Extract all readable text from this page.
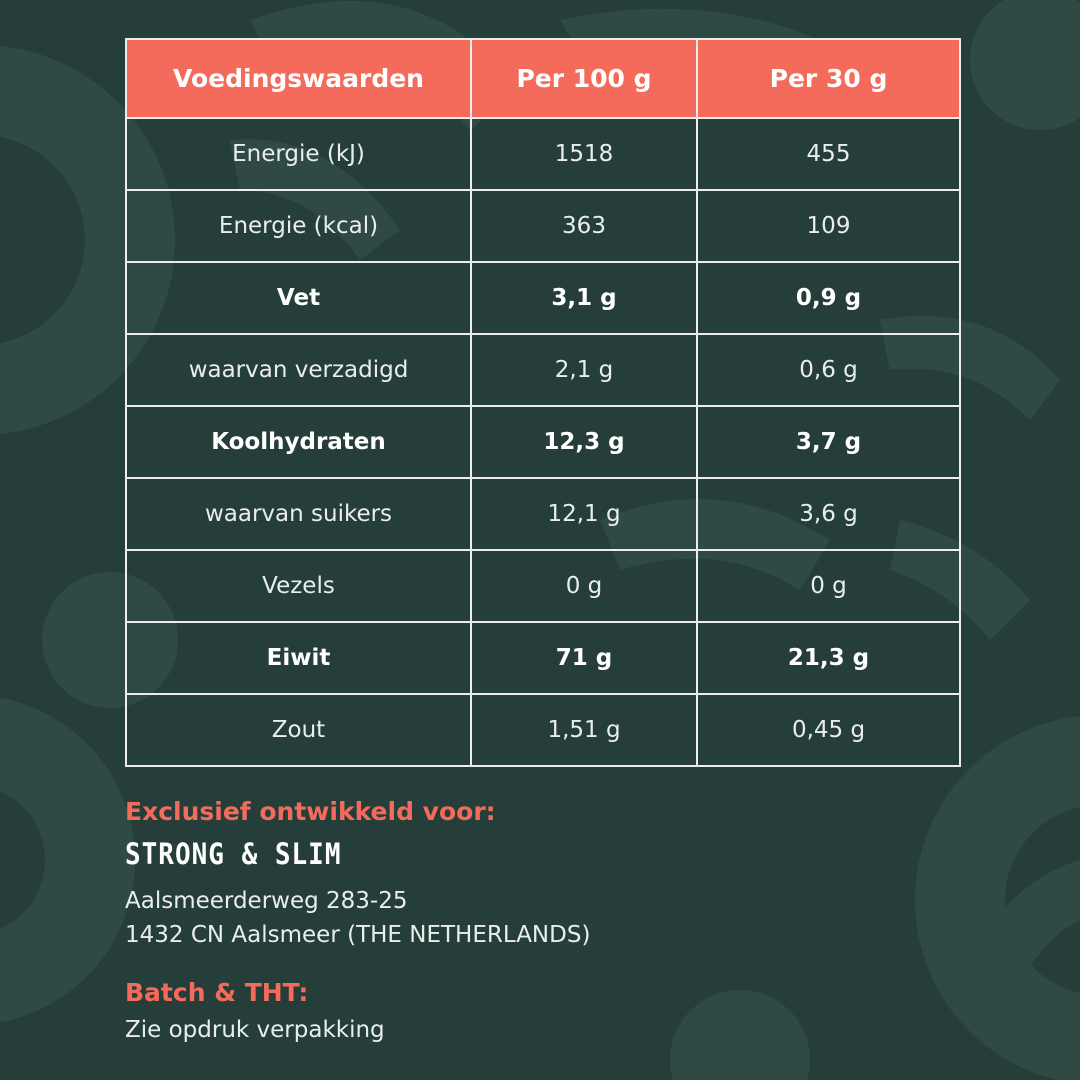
Voedingswaarden	Per 100 g	Per 30 g
Energie (kJ)	1518	455
Energie (kcal)	363	109
Vet	3,1 g	0,9 g
waarvan verzadigd	2,1 g	0,6 g
Koolhydraten	12,3 g	3,7 g
waarvan suikers	12,1 g	3,6 g
Vezels	0 g	0 g
Eiwit	71 g	21,3 g
Zout	1,51 g	0,45 g

Exclusief ontwikkeld voor:

STRONG & SLIM

Aalsmeerderweg 283-25

1432 CN Aalsmeer (THE NETHERLANDS)

Batch & THT:

Zie opdruk verpakking
